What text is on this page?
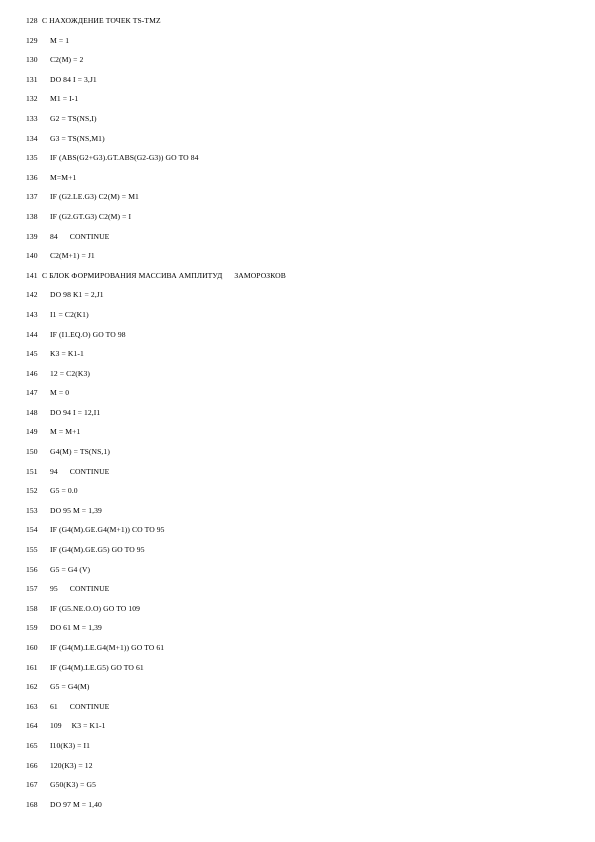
128 C НАХОЖДЕНИЕ ТОЧЕК TS-TMZ
129	M = 1
130	C2(M) = 2
131	DO 84 I = 3,J1
132	M1 = I-1
133	G2 = TS(NS,I)
134	G3 = TS(NS,M1)
135	IF (ABS(G2+G3).GT.ABS(G2-G3)) GO TO 84
136	M=M+1
137	IF (G2.LE.G3) C2(M) = M1
138	IF (G2.GT.G3) C2(M) = I
139	84      CONTINUE
140	C2(M+1) = J1
141 C БЛОК ФОРМИРОВАНИЯ МАССИВА АМПЛИТУД      ЗАМОРОЗКОВ
142	DO 98 K1 = 2,J1
143	I1 = C2(K1)
144	IF (I1.EQ.O) GO TO 98
145	K3 = K1-1
146	12 = C2(K3)
147	M = 0
148	DO 94 I = 12,I1
149	M = M+1
150	G4(M) = TS(NS,1)
151	94      CONTINUE
152	G5 = 0.0
153	DO 95 M = 1,39
154	IF (G4(M).GE.G4(M+1)) CO TO 95
155	IF (G4(M).GE.G5) GO TO 95
156	G5 = G4 (V)
157	95      CONTINUE
158	IF (G5.NE.O.O) GO TO 109
159	DO 61 M = 1,39
160	IF (G4(M).LE.G4(M+1)) GO TO 61
161	IF (G4(M).LE.G5) GO TO 61
162	G5 = G4(M)
163	61      CONTINUE
164	109     K3 = K1-1
165	I10(K3) = I1
166	120(K3) = 12
167	G50(K3) = G5
168	DO 97 M = 1,40
